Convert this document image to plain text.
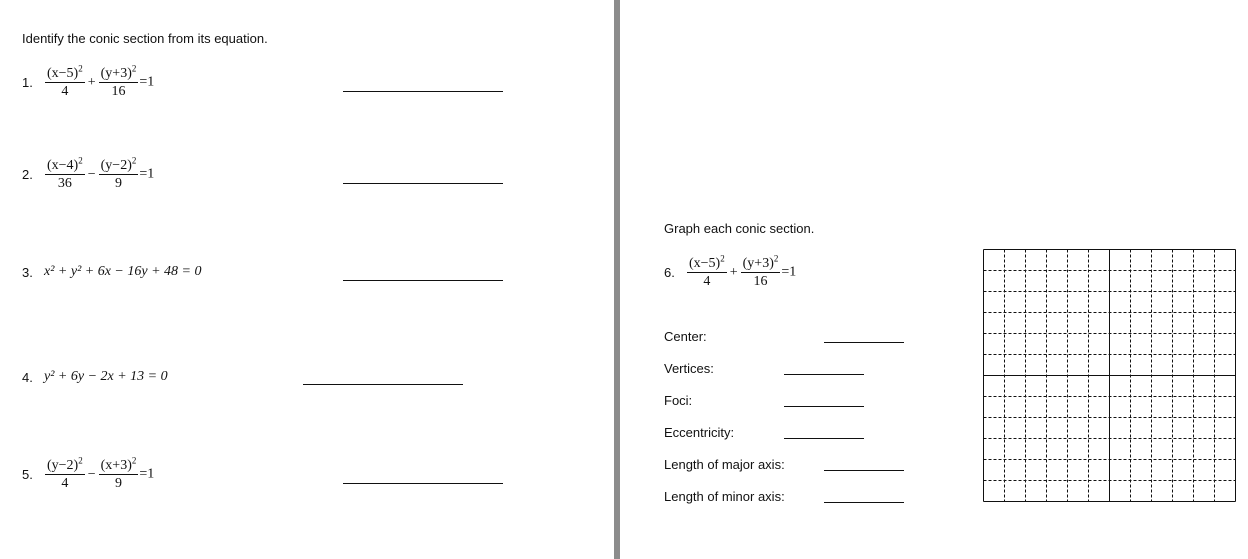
Identify the conic section from its equation.
1. $\frac{(x-5)^2}{4} + \frac{(y+3)^2}{16} =1$
2. $\frac{(x-4)^2}{36} - \frac{(y-2)^2}{9} =1$
3. x² + y² + 6x − 16y + 48 = 0
4. y² + 6y − 2x + 13 = 0
5. $\frac{(y-2)^2}{4} - \frac{(x+3)^2}{9} =1$
Graph each conic section.
6. $\frac{(x-5)^2}{4} + \frac{(y+3)^2}{16} =1$
Center:
Vertices:
Foci:
Eccentricity:
Length of major axis:
Length of minor axis:
